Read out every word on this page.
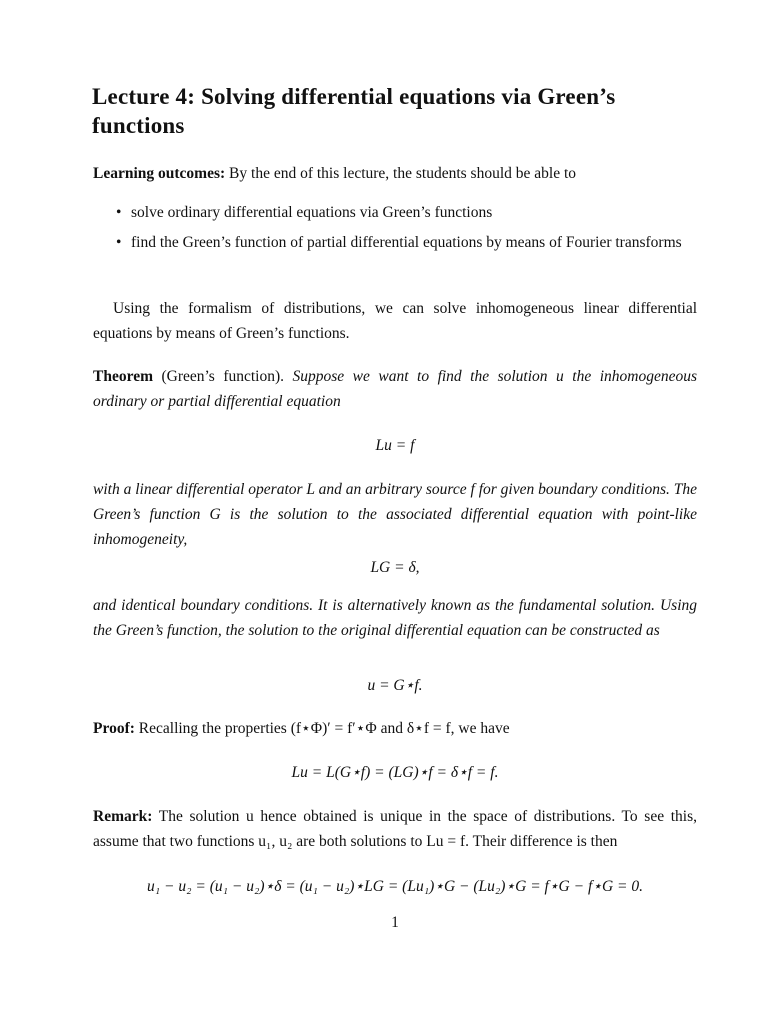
Lecture 4: Solving differential equations via Green’s functions

Learning outcomes: By the end of this lecture, the students should be able to

• solve ordinary differential equations via Green’s functions
• find the Green’s function of partial differential equations by means of Fourier transforms

Using the formalism of distributions, we can solve inhomogeneous linear differential equations by means of Green’s functions.

Theorem (Green’s function). Suppose we want to find the solution u the inhomogeneous ordinary or partial differential equation

Lu = f

with a linear differential operator L and an arbitrary source f for given boundary conditions. The Green’s function G is the solution to the associated differential equation with point-like inhomogeneity,

LG = δ,

and identical boundary conditions. It is alternatively known as the fundamental solution. Using the Green’s function, the solution to the original differential equation can be constructed as

u = G⋆f.

Proof: Recalling the properties (f⋆Φ)′ = f′⋆Φ and δ⋆f = f, we have

Lu = L(G⋆f) = (LG)⋆f = δ⋆f = f.

Remark: The solution u hence obtained is unique in the space of distributions. To see this, assume that two functions u₁, u₂ are both solutions to Lu = f. Their difference is then

u₁ − u₂ = (u₁ − u₂)⋆δ = (u₁ − u₂)⋆LG = (Lu₁)⋆G − (Lu₂)⋆G = f⋆G − f⋆G = 0.

1
